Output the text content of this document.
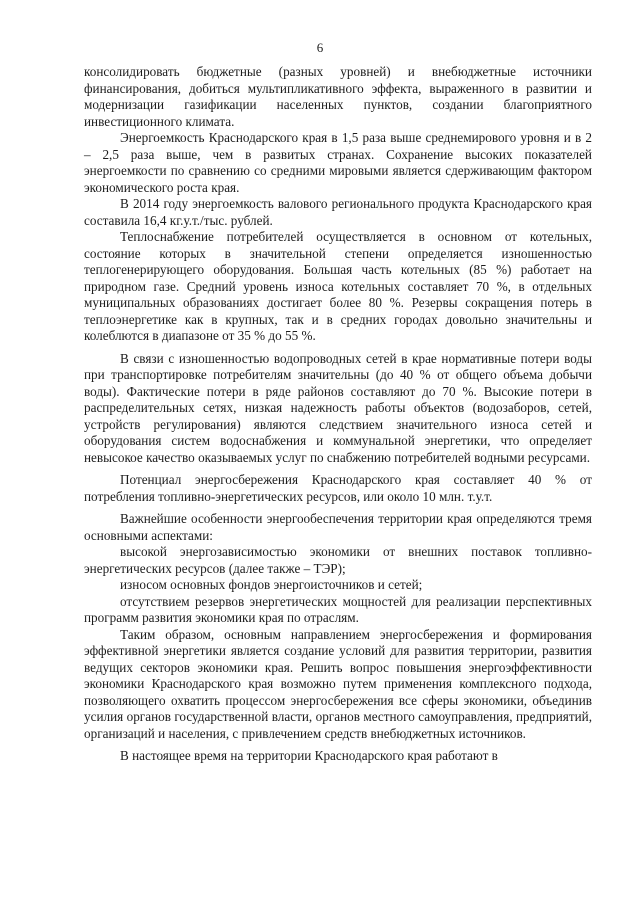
6

консолидировать бюджетные (разных уровней) и внебюджетные источники финансирования, добиться мультипликативного эффекта, выраженного в развитии и модернизации газификации населенных пунктов, создании благоприятного инвестиционного климата.

Энергоемкость Краснодарского края в 1,5 раза выше среднемирового уровня и в 2 – 2,5 раза выше, чем в развитых странах. Сохранение высоких показателей энергоемкости по сравнению со средними мировыми является сдерживающим фактором экономического роста края.

В 2014 году энергоемкость валового регионального продукта Краснодарского края составила 16,4 кг.у.т./тыс. рублей.

Теплоснабжение потребителей осуществляется в основном от котельных, состояние которых в значительной степени определяется изношенностью теплогенерирующего оборудования. Большая часть котельных (85 %) работает на природном газе. Средний уровень износа котельных составляет 70 %, в отдельных муниципальных образованиях достигает более 80 %. Резервы сокращения потерь в теплоэнергетике как в крупных, так и в средних городах довольно значительны и колеблются в диапазоне от 35 % до 55 %.

В связи с изношенностью водопроводных сетей в крае нормативные потери воды при транспортировке потребителям значительны (до 40 % от общего объема добычи воды). Фактические потери в ряде районов составляют до 70 %. Высокие потери в распределительных сетях, низкая надежность работы объектов (водозаборов, сетей, устройств регулирования) являются следствием значительного износа сетей и оборудования систем водоснабжения и коммунальной энергетики, что определяет невысокое качество оказываемых услуг по снабжению потребителей водными ресурсами.

Потенциал энергосбережения Краснодарского края составляет 40 % от потребления топливно-энергетических ресурсов, или около 10 млн. т.у.т.

Важнейшие особенности энергообеспечения территории края определяются тремя основными аспектами:

высокой энергозависимостью экономики от внешних поставок топливно-энергетических ресурсов (далее также – ТЭР);

износом основных фондов энергоисточников и сетей;

отсутствием резервов энергетических мощностей для реализации перспективных программ развития экономики края по отраслям.

Таким образом, основным направлением энергосбережения и формирования эффективной энергетики является создание условий для развития территории, развития ведущих секторов экономики края. Решить вопрос повышения энергоэффективности экономики Краснодарского края возможно путем применения комплексного подхода, позволяющего охватить процессом энергосбережения все сферы экономики, объединив усилия органов государственной власти, органов местного самоуправления, предприятий, организаций и населения, с привлечением средств внебюджетных источников.

В настоящее время на территории Краснодарского края работают в
